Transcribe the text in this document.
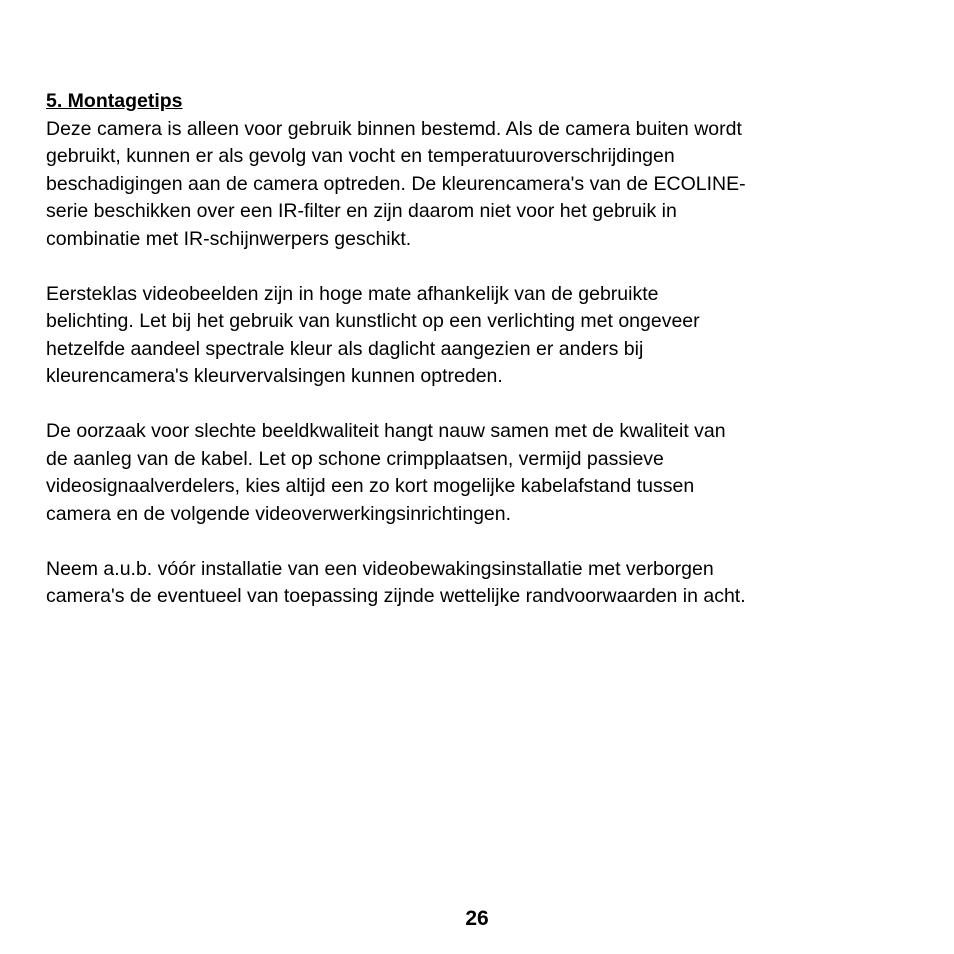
5. Montagetips

Deze camera is alleen voor gebruik binnen bestemd. Als de camera buiten wordt
gebruikt, kunnen er als gevolg van vocht en temperatuuroverschrijdingen
beschadigingen aan de camera optreden. De kleurencamera's van de ECOLINE-
serie beschikken over een IR-filter en zijn daarom niet voor het gebruik in
combinatie met IR-schijnwerpers geschikt.

Eersteklas videobeelden zijn in hoge mate afhankelijk van de gebruikte
belichting. Let bij het gebruik van kunstlicht op een verlichting met ongeveer
hetzelfde aandeel spectrale kleur als daglicht aangezien er anders bij
kleurencamera's kleurvervalsingen kunnen optreden.

De oorzaak voor slechte beeldkwaliteit hangt nauw samen met de kwaliteit van
de aanleg van de kabel. Let op schone crimpplaatsen, vermijd passieve
videosignaalverdelers, kies altijd een zo kort mogelijke kabelafstand tussen
camera en de volgende videoverwerkingsinrichtingen.

Neem a.u.b. vóór installatie van een videobewakingsinstallatie met verborgen
camera's de eventueel van toepassing zijnde wettelijke randvoorwaarden in acht.

26
